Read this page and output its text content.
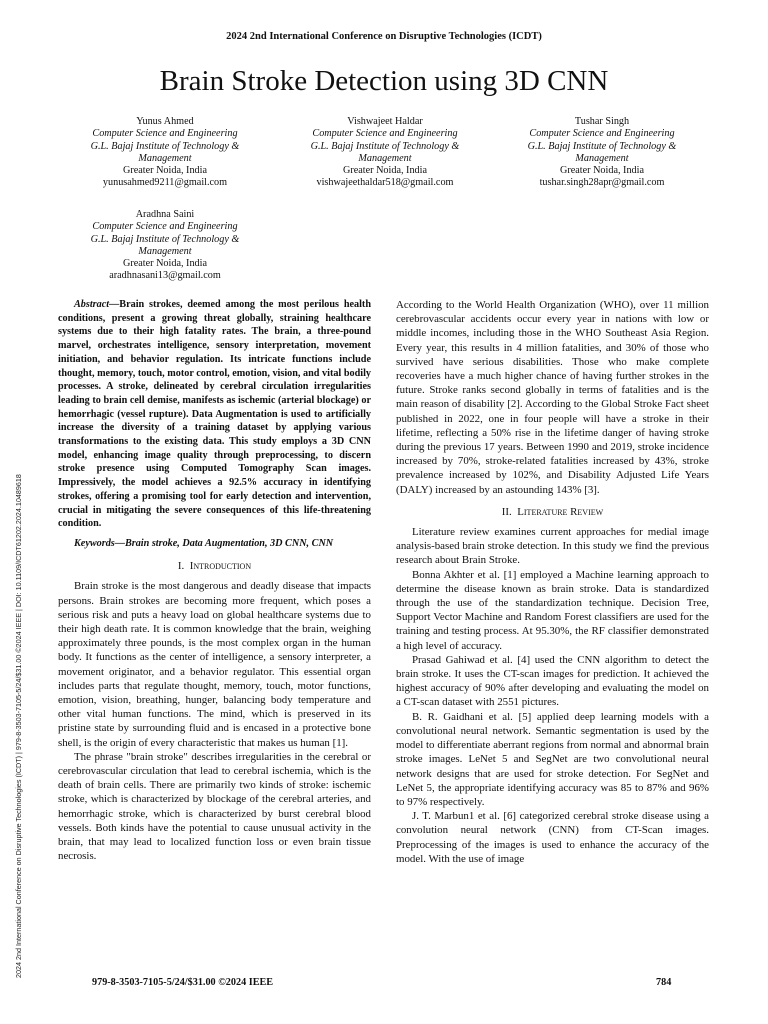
2024 2nd International Conference on Disruptive Technologies (ICDT)
Brain Stroke Detection using 3D CNN
Yunus Ahmed
Computer Science and Engineering
G.L. Bajaj Institute of Technology &
Management
Greater Noida, India
yunusahmed9211@gmail.com
Vishwajeet Haldar
Computer Science and Engineering
G.L. Bajaj Institute of Technology &
Management
Greater Noida, India
vishwajeethaldar518@gmail.com
Tushar Singh
Computer Science and Engineering
G.L. Bajaj Institute of Technology &
Management
Greater Noida, India
tushar.singh28apr@gmail.com
Aradhna Saini
Computer Science and Engineering
G.L. Bajaj Institute of Technology &
Management
Greater Noida, India
aradhnasani13@gmail.com
2024 2nd International Conference on Disruptive Technologies (ICDT) | 979-8-3503-7105-5/24/$31.00 ©2024 IEEE | DOI: 10.1109/ICDT61202.2024.10489618

Abstract—Brain strokes, deemed among the most perilous health conditions, present a growing threat globally, straining healthcare systems due to their high fatality rates. The brain, a three-pound marvel, orchestrates intelligence, sensory interpretation, movement initiation, and behavior regulation. Its intricate functions include thought, memory, touch, motor control, emotion, vision, and vital bodily processes. A stroke, delineated by cerebral circulation irregularities leading to brain cell demise, manifests as ischemic (arterial blockage) or hemorrhagic (vessel rupture). Data Augmentation is used to artificially increase the diversity of a training dataset by applying various transformations to the existing data. This study employs a 3D CNN model, enhancing image quality through preprocessing, to discern stroke presence using Computed Tomography Scan images. Impressively, the model achieves a 92.5% accuracy in identifying strokes, offering a promising tool for early detection and intervention, crucial in mitigating the severe consequences of this life-threatening condition.

Keywords—Brain stroke, Data Augmentation, 3D CNN, CNN

I. Introduction

Brain stroke is the most dangerous and deadly disease that impacts persons. Brain strokes are becoming more frequent, which poses a serious risk and puts a heavy load on global healthcare systems due to their high death rate. It is common knowledge that the brain, weighing approximately three pounds, is the most complex organ in the human body. It functions as the center of intelligence, a sensory interpreter, a movement originator, and a behavior regulator. This essential organ includes parts that regulate thought, memory, touch, motor functions, emotion, vision, breathing, hunger, balancing body temperature and other vital human functions. The mind, which is preserved in its pristine state by surrounding fluid and is encased in a protective bone shell, is the origin of every characteristic that makes us human [1].

The phrase "brain stroke" describes irregularities in the cerebral or cerebrovascular circulation that lead to cerebral ischemia, which is the death of brain cells. There are primarily two kinds of stroke: ischemic stroke, which is characterized by blockage of the cerebral arteries, and hemorrhagic stroke, which is characterized by burst cerebral blood vessels. Both kinds have the potential to cause unusual activity in the brain, that may lead to localized function loss or even brain tissue necrosis.

According to the World Health Organization (WHO), over 11 million cerebrovascular accidents occur every year in nations with low or middle incomes, including those in the WHO Southeast Asia Region. Every year, this results in 4 million fatalities, and 30% of those who survived have serious disabilities. Those who make complete recoveries have a much higher chance of having further strokes in the future. Stroke ranks second globally in terms of fatalities and is the main reason of disability [2]. According to the Global Stroke Fact sheet published in 2022, one in four people will have a stroke in their lifetime, reflecting a 50% rise in the lifetime danger of having stroke during the previous 17 years. Between 1990 and 2019, stroke incidence increased by 70%, stroke-related fatalities increased by 43%, stroke prevalence increased by 102%, and Disability Adjusted Life Years (DALY) increased by an astounding 143% [3].

II. Literature Review

Literature review examines current approaches for medial image analysis-based brain stroke detection. In this study we find the previous research about Brain Stroke.

Bonna Akhter et al. [1] employed a Machine learning approach to determine the disease known as brain stroke. Data is standardized through the use of the standardization technique. Decision Tree, Support Vector Machine and Random Forest classifiers are used for the training and testing process. At 95.30%, the RF classifier demonstrated a high level of accuracy.

Prasad Gahiwad et al. [4] used the CNN algorithm to detect the brain stroke. It uses the CT-scan images for prediction. It achieved the highest accuracy of 90% after developing and evaluating the model on a CT-scan dataset with 2551 pictures.

B. R. Gaidhani et al. [5] applied deep learning models with a convolutional neural network. Semantic segmentation is used by the model to differentiate aberrant regions from normal and abnormal brain stroke images. LeNet 5 and SegNet are two convolutional neural network designs that are used for stroke detection. For SegNet and LeNet 5, the appropriate identifying accuracy was 85 to 87% and 96% to 97% respectively.

J. T. Marbun1 et al. [6] categorized cerebral stroke disease using a convolution neural network (CNN) from CT-Scan images. Preprocessing of the images is used to enhance the accuracy of the model. With the use of image

979-8-3503-7105-5/24/$31.00 ©2024 IEEE	784
